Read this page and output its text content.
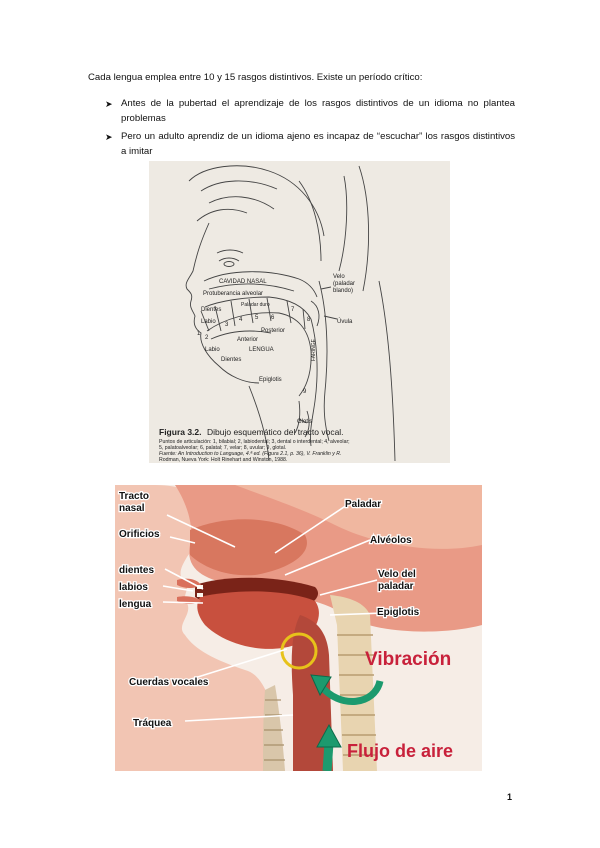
Cada lengua emplea entre 10 y 15 rasgos distintivos. Existe un período crítico:
➤ Antes de la pubertad el aprendizaje de los rasgos distintivos de un idioma no plantea problemas
➤ Pero un adulto aprendiz de un idioma ajeno es incapaz de “escuchar” los rasgos distintivos a imitar
CAVIDAD NASAL
Protuberancia alveolar
Paladar duro
Dientes
Labio
Velo
(paladar
blando)
Úvula
Posterior
Anterior
LENGUA
Labio
Dientes
Epiglotis
Glotis
FARINGE
1
2
3
4 5 6
7
8
9
Figura 3.2. Dibujo esquemático del tracto vocal.
Puntos de articulación: 1, bilabial; 2, labiodental; 3, dental o interdental; 4, alveolar;
5, palatoalveolar; 6, palatal; 7, velar; 8, uvular; 9, glotal.
Fuente: An Introduction to Language, 4.ª ed. (Figura 2.1, p. 36), V. Franklin y R.
Rodman, Nueva York: Holt Rinehart and Winston, 1988.
Tracto
nasal
Orificios
dientes
labios
lengua
Cuerdas vocales
Tráquea
Paladar
Alvéolos
Velo del
paladar
Epiglotis
Vibración
Flujo de aire
1
